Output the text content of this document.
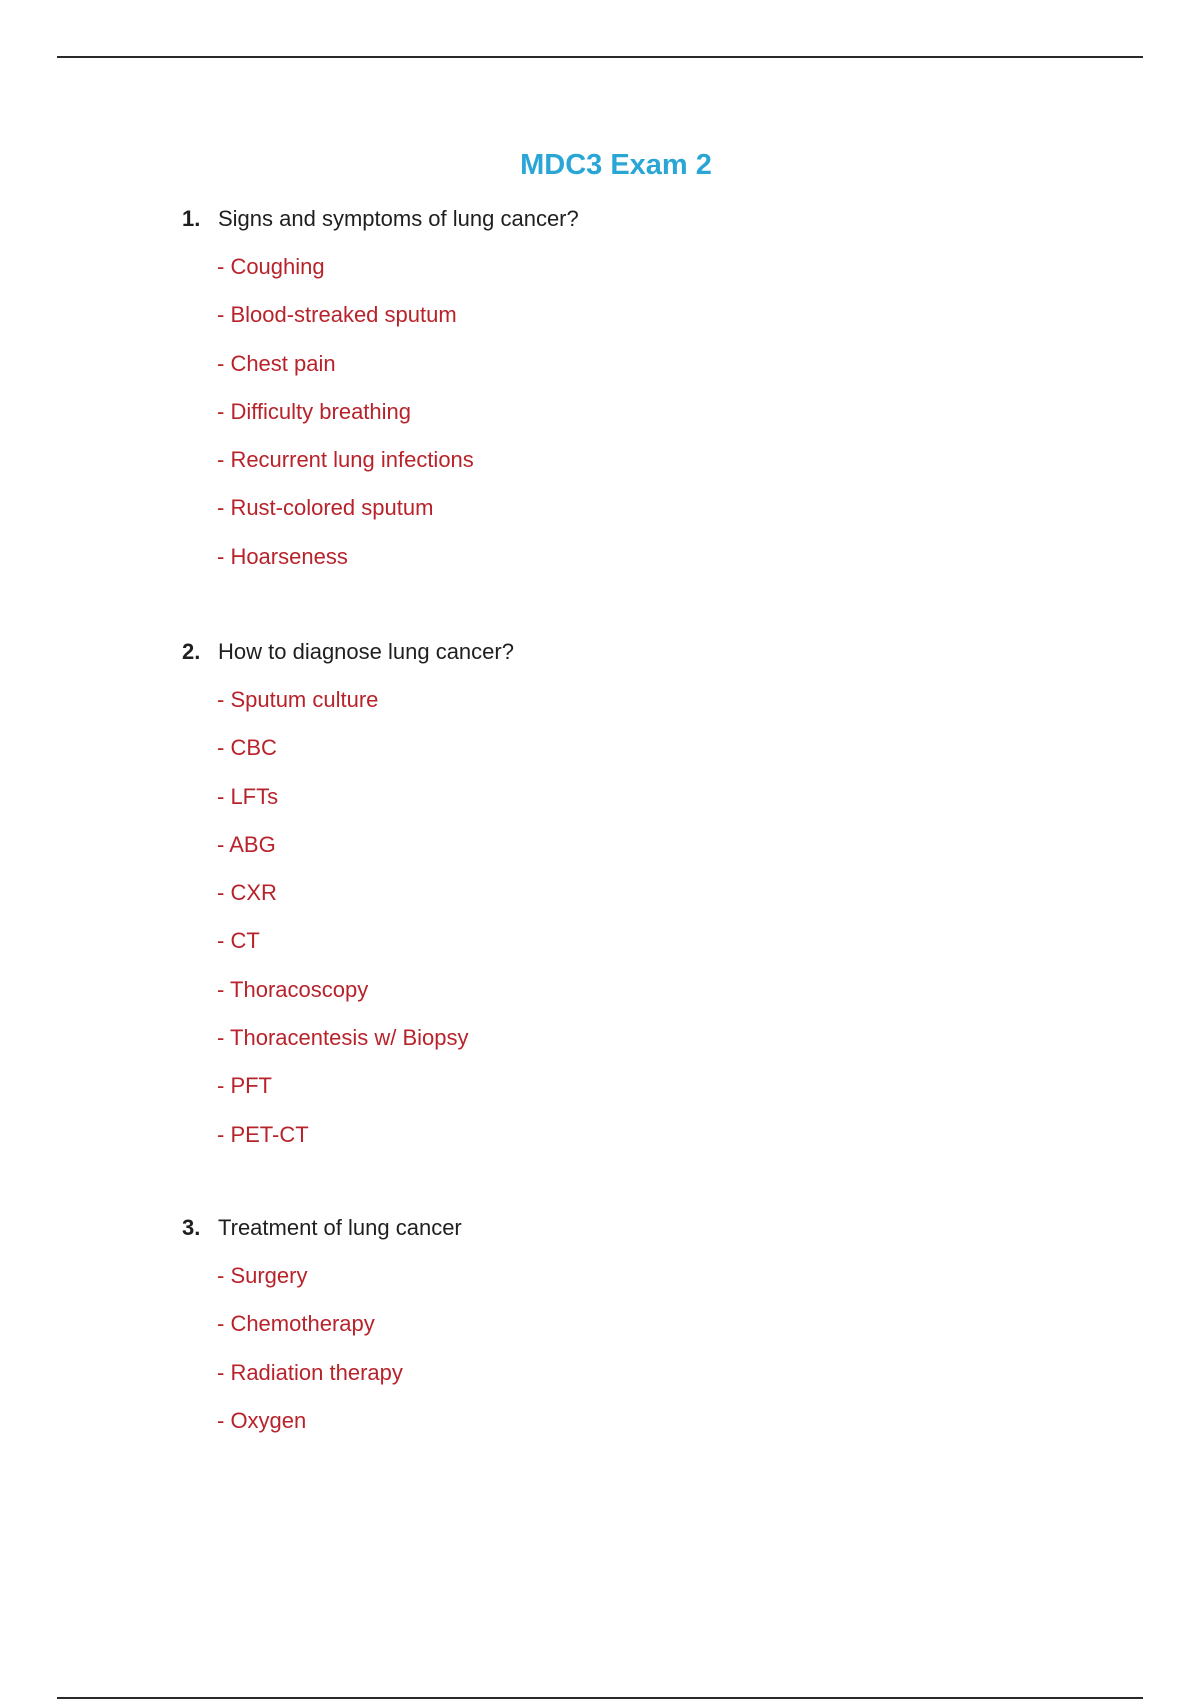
MDC3 Exam 2
1. Signs and symptoms of lung cancer?
- Coughing
- Blood-streaked sputum
- Chest pain
- Difficulty breathing
- Recurrent lung infections
- Rust-colored sputum
- Hoarseness
2. How to diagnose lung cancer?
- Sputum culture
- CBC
- LFTs
- ABG
- CXR
- CT
- Thoracoscopy
- Thoracentesis w/ Biopsy
- PFT
- PET-CT
3. Treatment of lung cancer
- Surgery
- Chemotherapy
- Radiation therapy
- Oxygen
